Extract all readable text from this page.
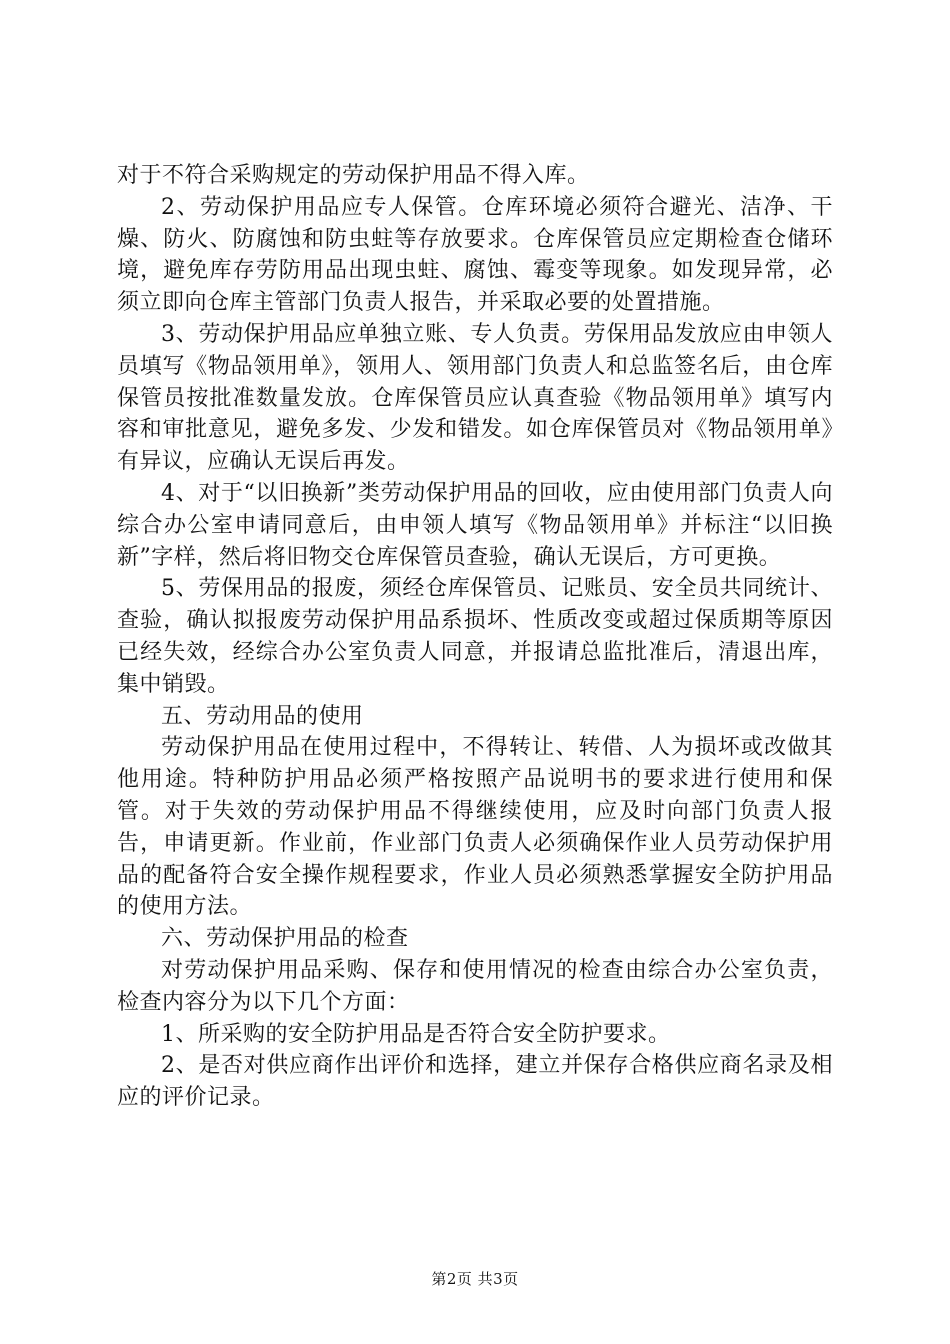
对于不符合采购规定的劳动保护用品不得入库。

2、劳动保护用品应专人保管。仓库环境必须符合避光、洁净、干燥、防火、防腐蚀和防虫蛀等存放要求。仓库保管员应定期检查仓储环境，避免库存劳防用品出现虫蛀、腐蚀、霉变等现象。如发现异常，必须立即向仓库主管部门负责人报告，并采取必要的处置措施。

3、劳动保护用品应单独立账、专人负责。劳保用品发放应由申领人员填写《物品领用单》，领用人、领用部门负责人和总监签名后，由仓库保管员按批准数量发放。仓库保管员应认真查验《物品领用单》填写内容和审批意见，避免多发、少发和错发。如仓库保管员对《物品领用单》有异议，应确认无误后再发。

4、对于“以旧换新”类劳动保护用品的回收，应由使用部门负责人向综合办公室申请同意后，由申领人填写《物品领用单》并标注“以旧换新”字样，然后将旧物交仓库保管员查验，确认无误后，方可更换。

5、劳保用品的报废，须经仓库保管员、记账员、安全员共同统计、查验，确认拟报废劳动保护用品系损坏、性质改变或超过保质期等原因已经失效，经综合办公室负责人同意，并报请总监批准后，清退出库，集中销毁。

五、劳动用品的使用

劳动保护用品在使用过程中，不得转让、转借、人为损坏或改做其他用途。特种防护用品必须严格按照产品说明书的要求进行使用和保管。对于失效的劳动保护用品不得继续使用，应及时向部门负责人报告，申请更新。作业前，作业部门负责人必须确保作业人员劳动保护用品的配备符合安全操作规程要求，作业人员必须熟悉掌握安全防护用品的使用方法。

六、劳动保护用品的检查

对劳动保护用品采购、保存和使用情况的检查由综合办公室负责，检查内容分为以下几个方面：

1、所采购的安全防护用品是否符合安全防护要求。

2、是否对供应商作出评价和选择，建立并保存合格供应商名录及相应的评价记录。

第2页 共3页
